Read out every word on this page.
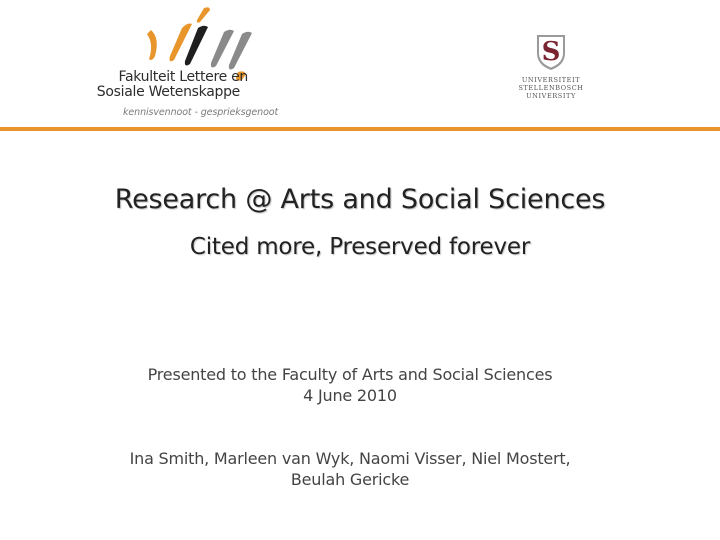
Fakulteit Lettere en
Sosiale Wetenskappe
kennisvennoot - gesprieksgenoot
S
UNIVERSITEIT
STELLENBOSCH
UNIVERSITY
Research @ Arts and Social Sciences
Cited more, Preserved forever
Presented to the Faculty of Arts and Social Sciences
4 June 2010
Ina Smith, Marleen van Wyk, Naomi Visser, Niel Mostert,
Beulah Gericke
